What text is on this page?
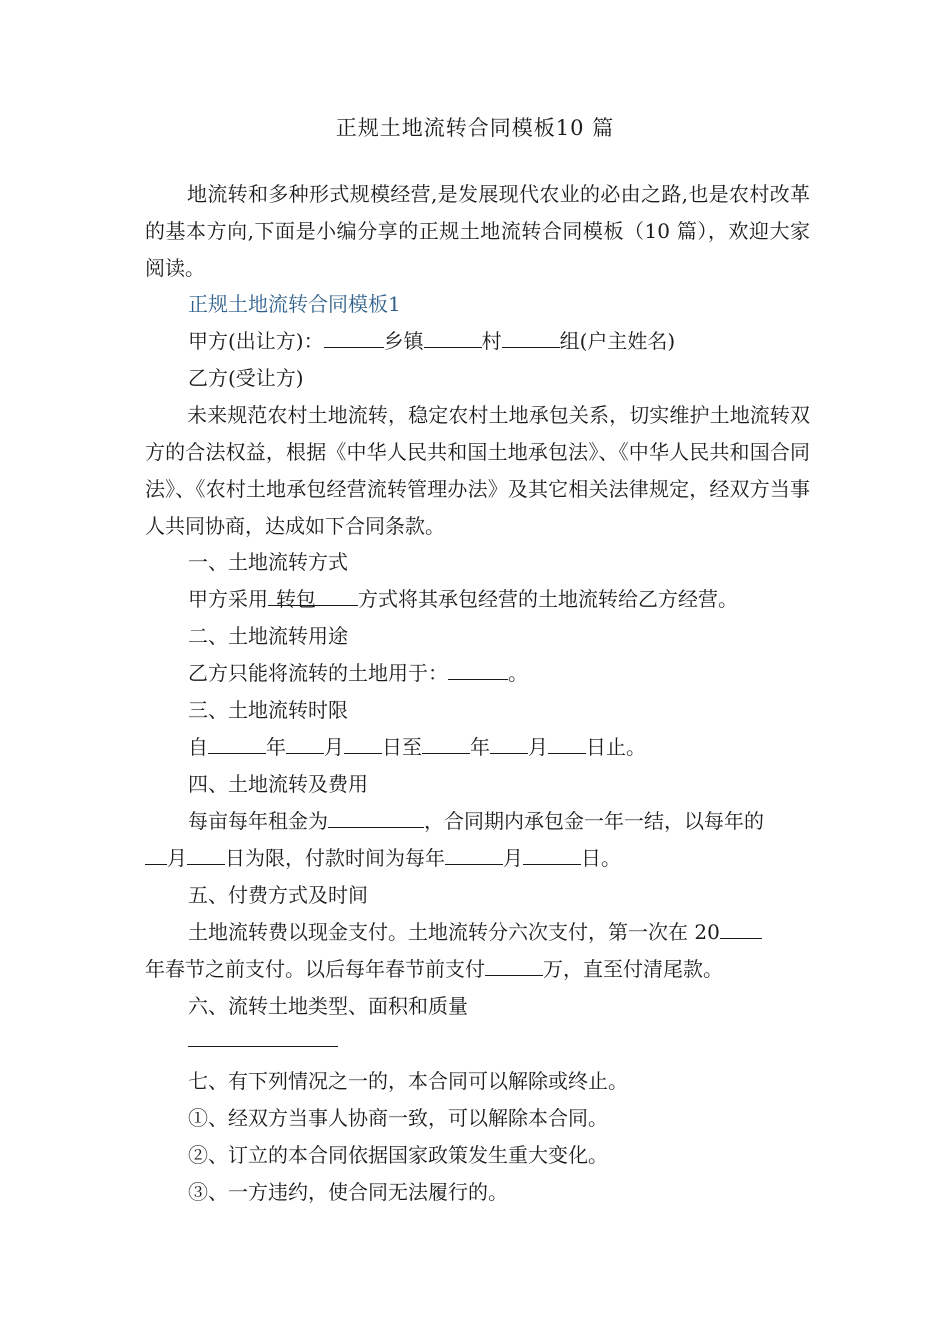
正规土地流转合同模板10 篇

地流转和多种形式规模经营,是发展现代农业的必由之路,也是农村改革的基本方向,下面是小编分享的正规土地流转合同模板（10 篇），欢迎大家阅读。

正规土地流转合同模板1

甲方(出让方)：	乡镇	村	组(户主姓名)

乙方(受让方)

未来规范农村土地流转，稳定农村土地承包关系，切实维护土地流转双方的合法权益，根据《中华人民共和国土地承包法》、《中华人民共和国合同法》、《农村土地承包经营流转管理办法》及其它相关法律规定，经双方当事人共同协商，达成如下合同条款。

一、土地流转方式

甲方采用 转包 方式将其承包经营的土地流转给乙方经营。

二、土地流转用途

乙方只能将流转的土地用于：	。

三、土地流转时限

自	年 月 日至 年 月 日止。

四、土地流转及费用

每亩每年租金为	，合同期内承包金一年一结，以每年的

月 日为限，付款时间为每年	月	日。

五、付费方式及时间

土地流转费以现金支付。土地流转分六次支付，第一次在 20

年春节之前支付。以后每年春节前支付	万，直至付清尾款。

六、流转土地类型、面积和质量

七、有下列情况之一的，本合同可以解除或终止。

①、经双方当事人协商一致，可以解除本合同。

②、订立的本合同依据国家政策发生重大变化。

③、一方违约，使合同无法履行的。
